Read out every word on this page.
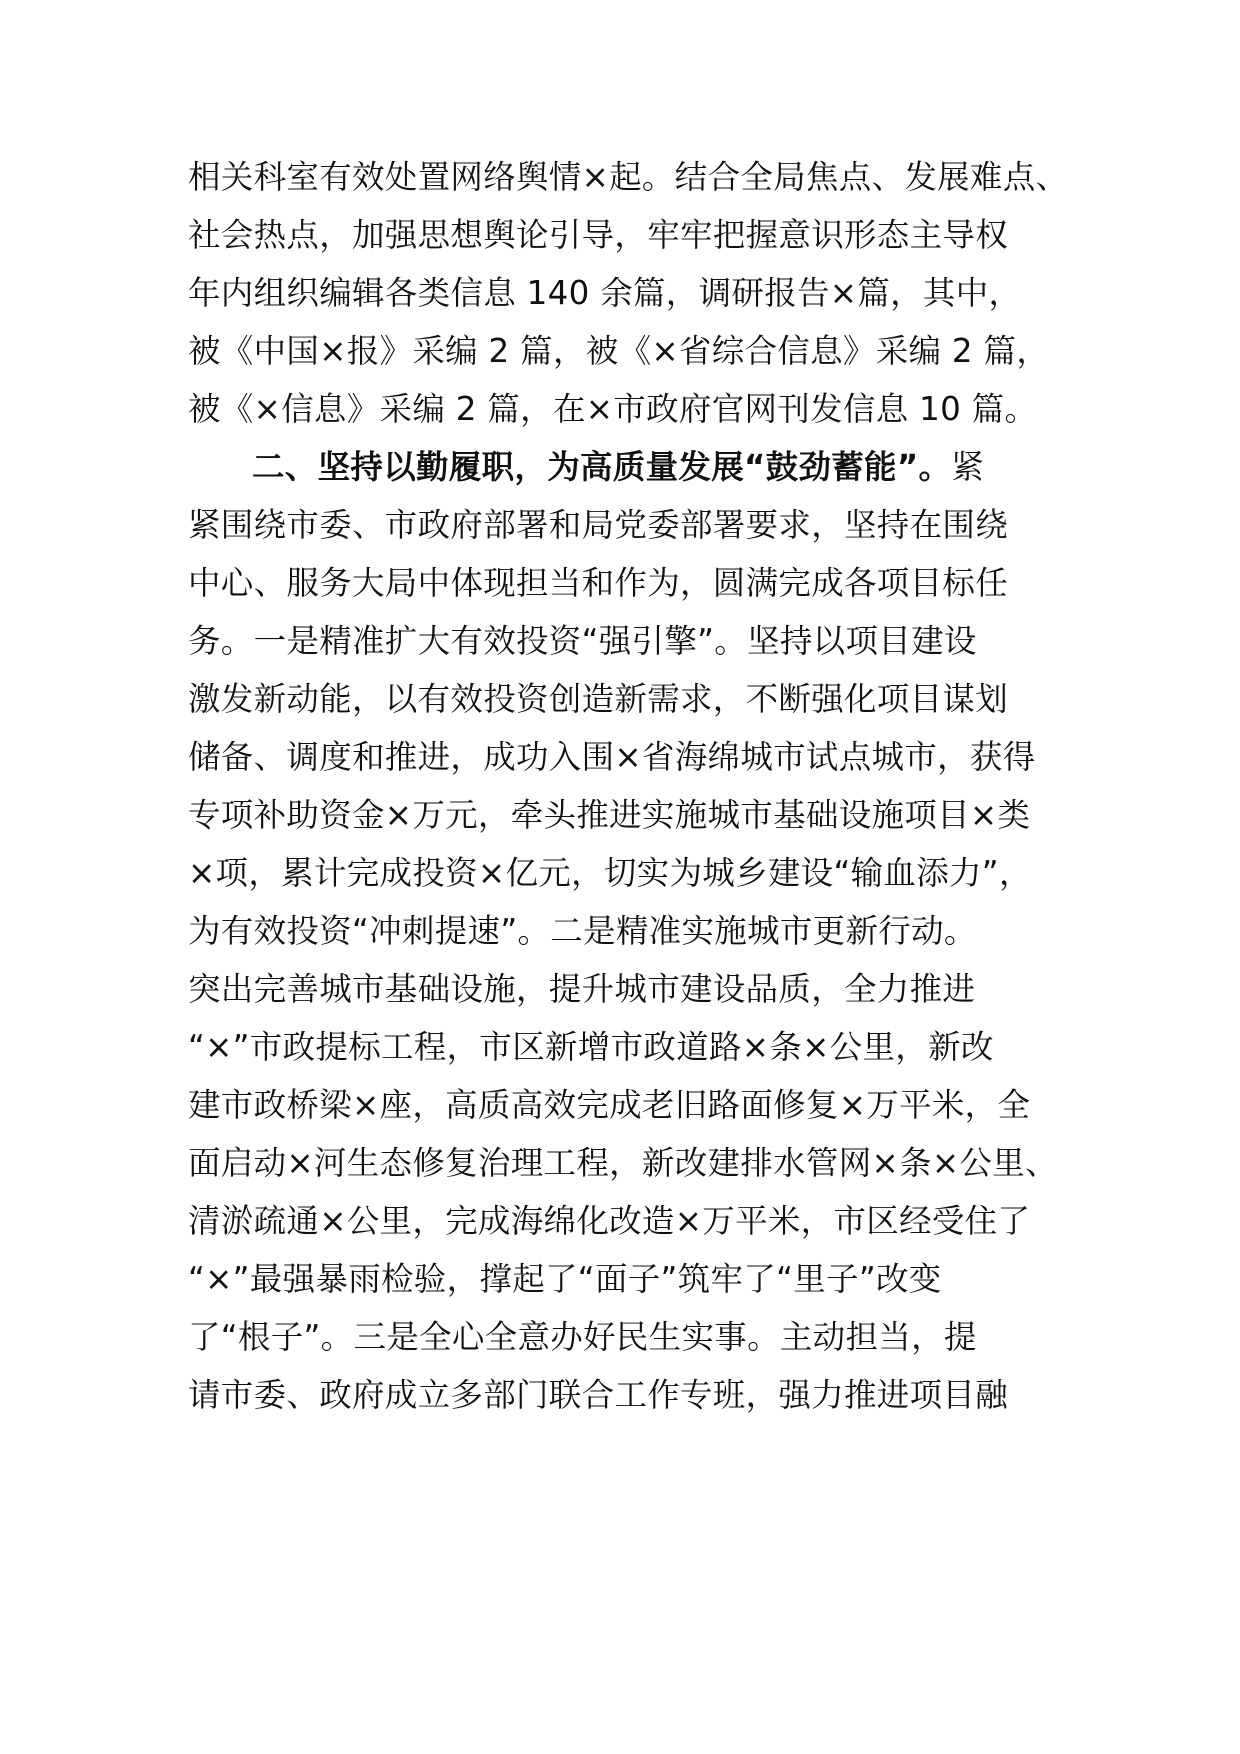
相关科室有效处置网络舆情×起。结合全局焦点、发展难点、
社会热点，加强思想舆论引导，牢牢把握意识形态主导权
年内组织编辑各类信息 140 余篇，调研报告×篇，其中，
被《中国×报》采编 2 篇，被《×省综合信息》采编 2 篇，
被《×信息》采编 2 篇，在×市政府官网刊发信息 10 篇。
二、坚持以勤履职，为高质量发展“鼓劲蓄能”。紧
紧围绕市委、市政府部署和局党委部署要求，坚持在围绕
中心、服务大局中体现担当和作为，圆满完成各项目标任
务。一是精准扩大有效投资“强引擎”。坚持以项目建设
激发新动能，以有效投资创造新需求，不断强化项目谋划
储备、调度和推进，成功入围×省海绵城市试点城市，获得
专项补助资金×万元，牵头推进实施城市基础设施项目×类
×项，累计完成投资×亿元，切实为城乡建设“输血添力”，
为有效投资“冲刺提速”。二是精准实施城市更新行动。
突出完善城市基础设施，提升城市建设品质，全力推进
“×”市政提标工程，市区新增市政道路×条×公里，新改
建市政桥梁×座，高质高效完成老旧路面修复×万平米，全
面启动×河生态修复治理工程，新改建排水管网×条×公里、
清淤疏通×公里，完成海绵化改造×万平米，市区经受住了
“×”最强暴雨检验，撑起了“面子”筑牢了“里子”改变
了“根子”。三是全心全意办好民生实事。主动担当，提
请市委、政府成立多部门联合工作专班，强力推进项目融
